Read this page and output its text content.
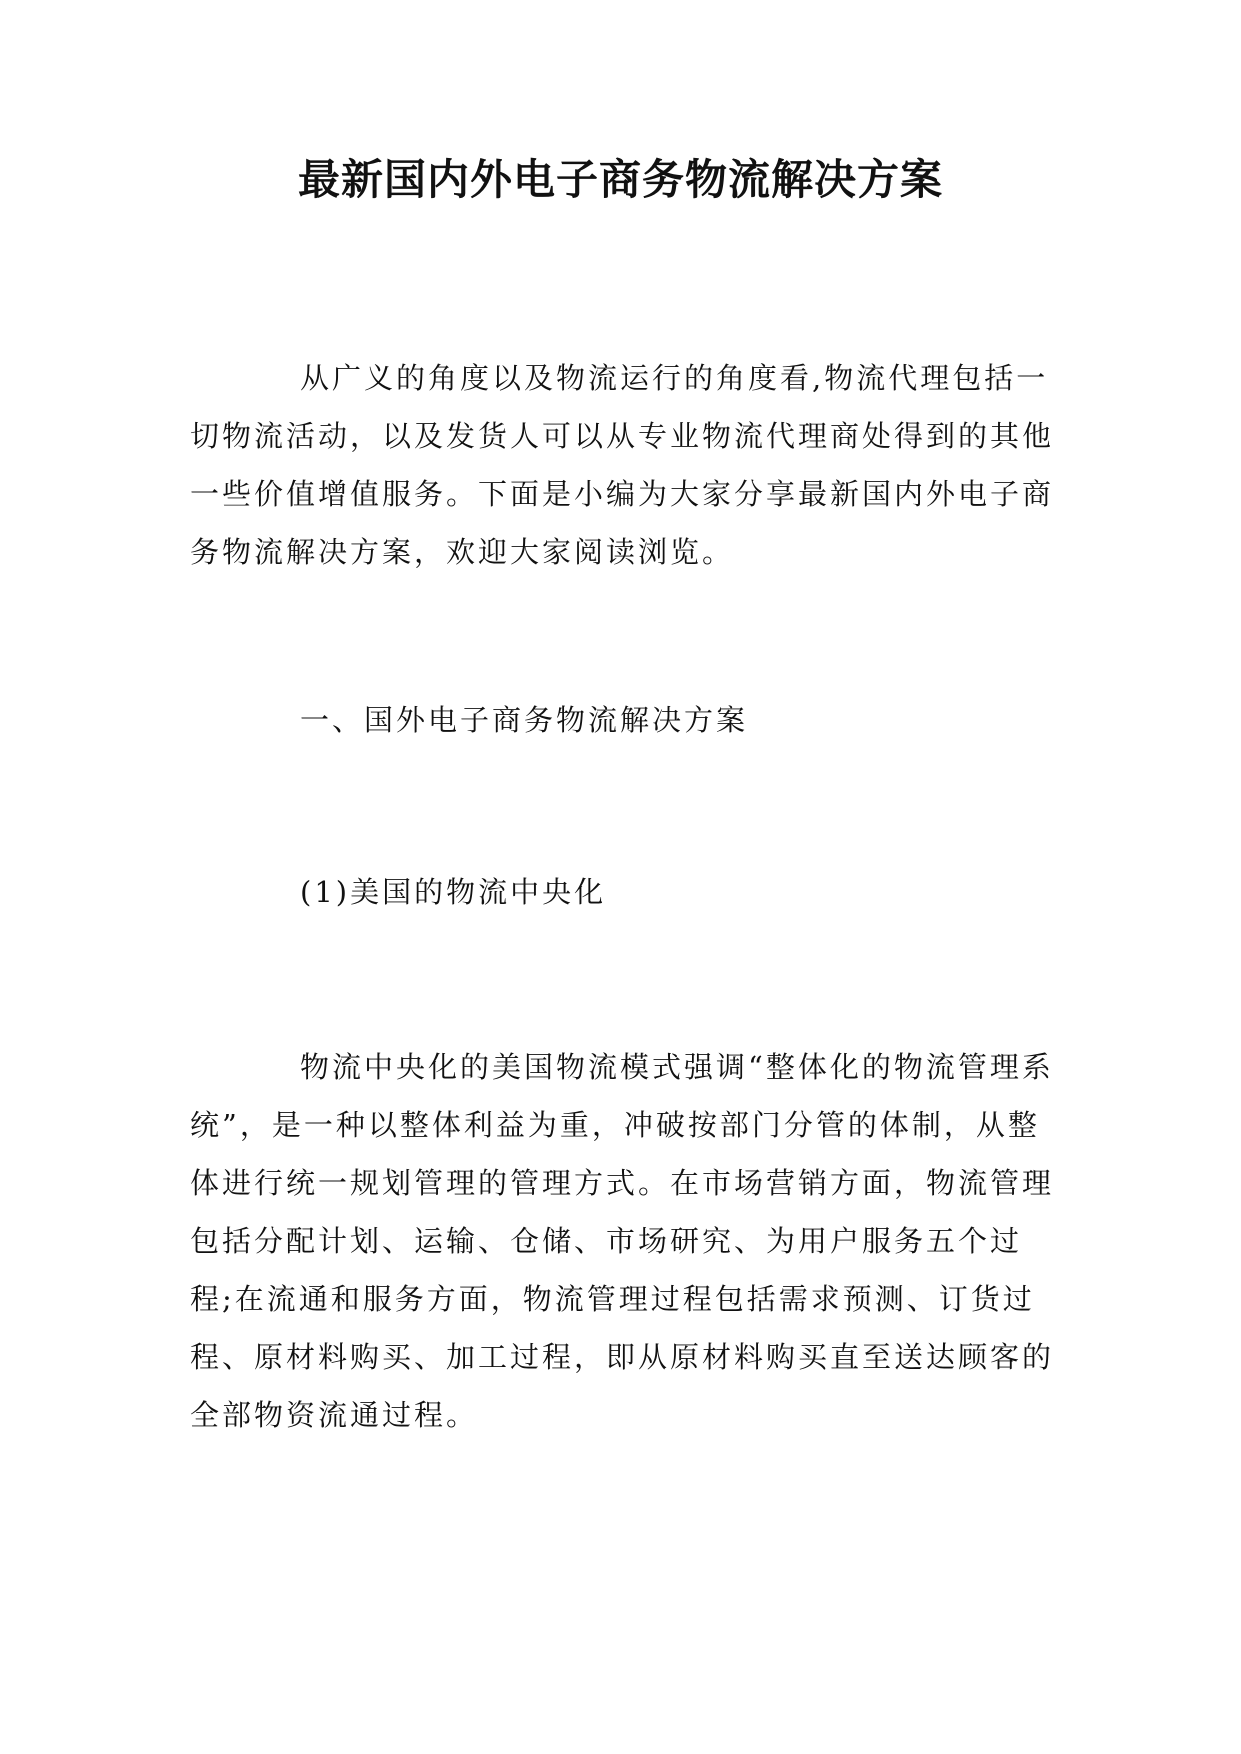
最新国内外电子商务物流解决方案

从广义的角度以及物流运行的角度看,物流代理包括一切物流活动，以及发货人可以从专业物流代理商处得到的其他一些价值增值服务。下面是小编为大家分享最新国内外电子商务物流解决方案，欢迎大家阅读浏览。

一、国外电子商务物流解决方案

(1)美国的物流中央化

物流中央化的美国物流模式强调“整体化的物流管理系统”，是一种以整体利益为重，冲破按部门分管的体制，从整体进行统一规划管理的管理方式。在市场营销方面，物流管理包括分配计划、运输、仓储、市场研究、为用户服务五个过程;在流通和服务方面，物流管理过程包括需求预测、订货过程、原材料购买、加工过程，即从原材料购买直至送达顾客的全部物资流通过程。
